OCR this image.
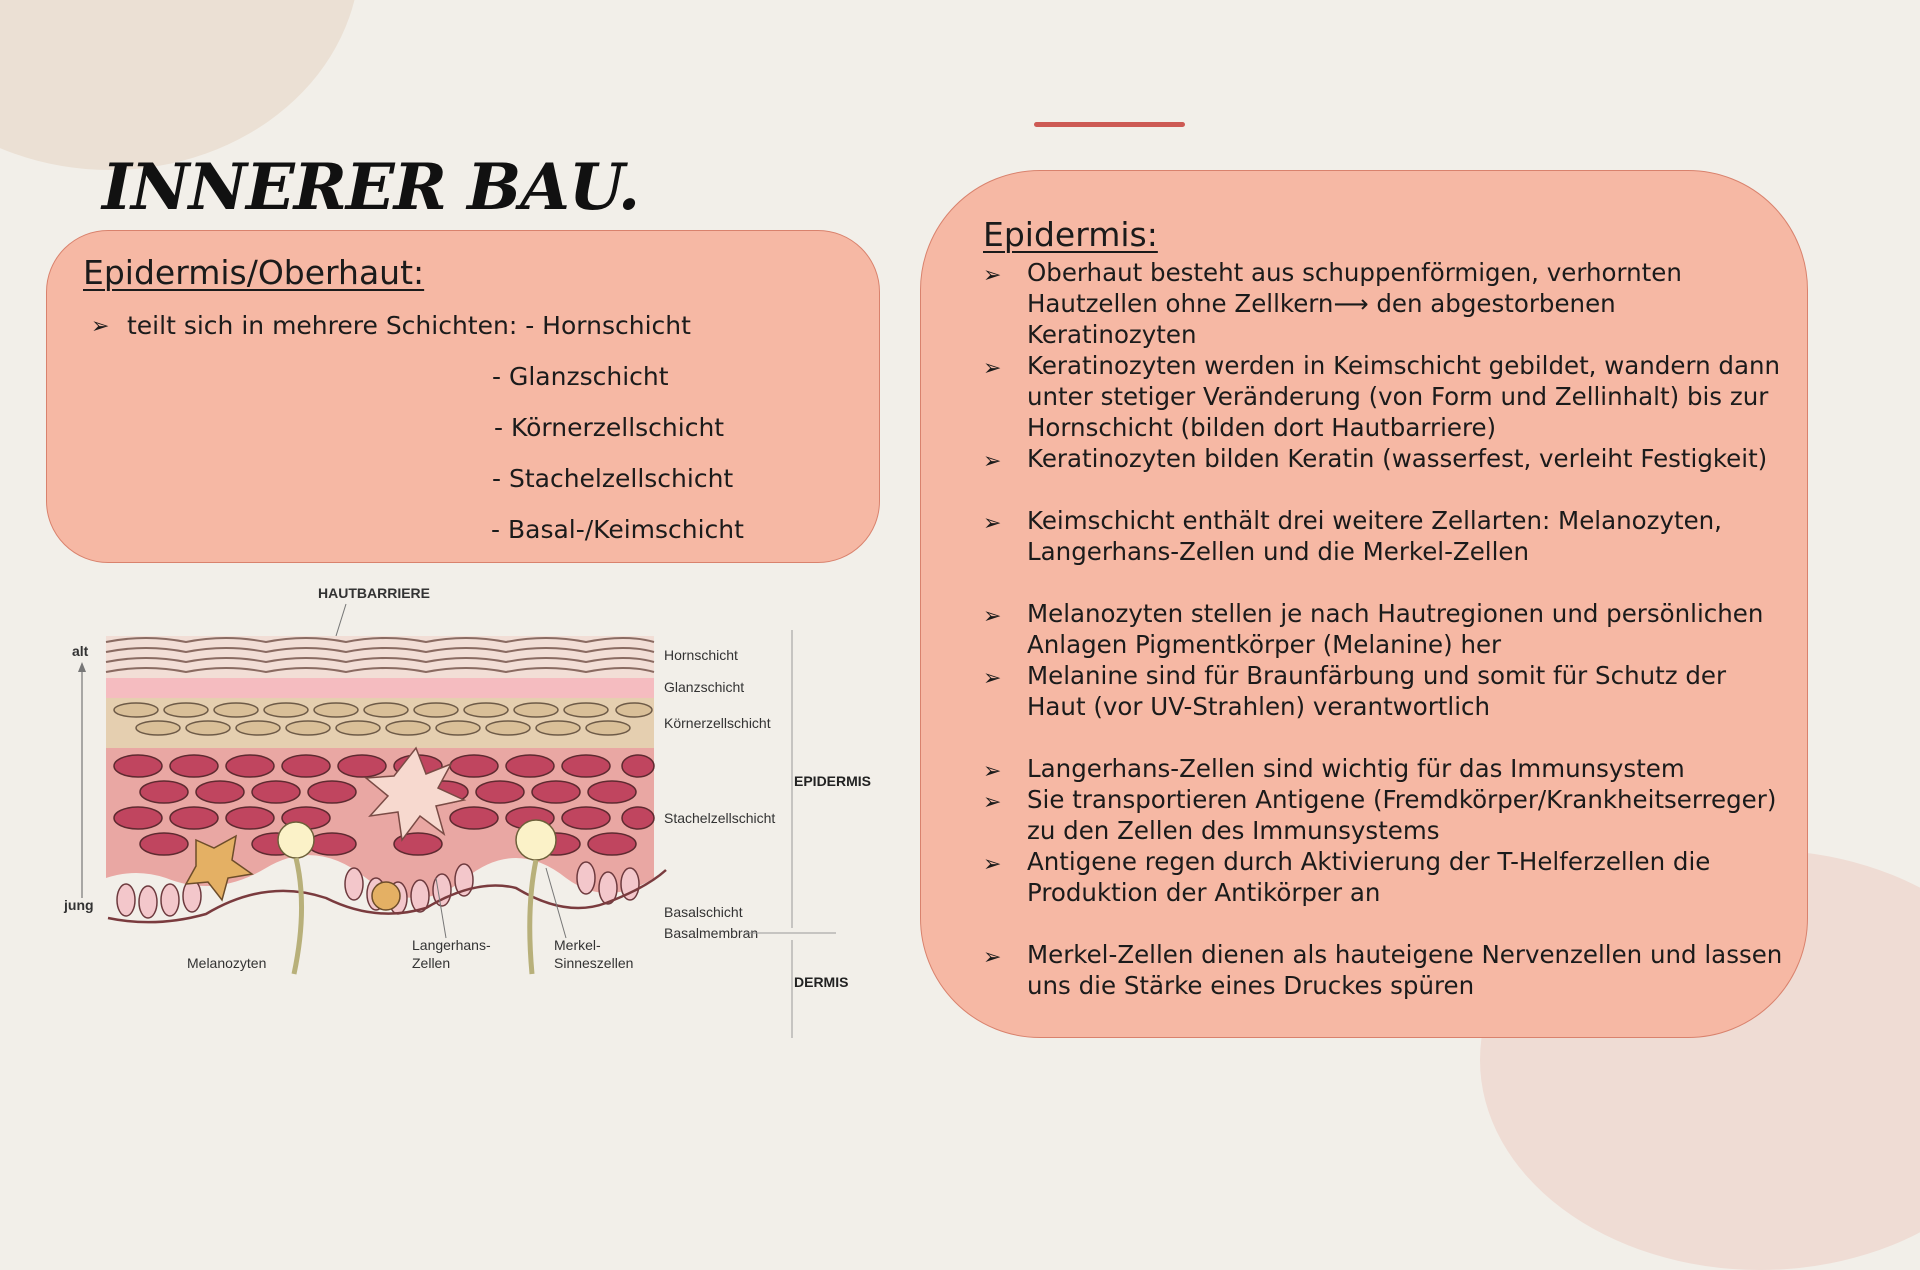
INNERER BAU.
Epidermis/Oberhaut:
➢ teilt sich in mehrere Schichten: - Hornschicht
- Glanzschicht
- Körnerzellschicht
- Stachelzellschicht
- Basal-/Keimschicht
Epidermis:
➢ Oberhaut besteht aus schuppenförmigen, verhornten Hautzellen ohne Zellkern⟶ den abgestorbenen Keratinozyten
➢ Keratinozyten werden in Keimschicht gebildet, wandern dann unter stetiger Veränderung (von Form und Zellinhalt) bis zur Hornschicht (bilden dort Hautbarriere)
➢ Keratinozyten bilden Keratin (wasserfest, verleiht Festigkeit)
➢ Keimschicht enthält drei weitere Zellarten: Melanozyten, Langerhans-Zellen und die Merkel-Zellen
➢ Melanozyten stellen je nach Hautregionen und persönlichen Anlagen Pigmentkörper (Melanine) her
➢ Melanine sind für Braunfärbung und somit für Schutz der Haut (vor UV-Strahlen) verantwortlich
➢ Langerhans-Zellen sind wichtig für das Immunsystem
➢ Sie transportieren Antigene (Fremdkörper/Krankheitserreger) zu den Zellen des Immunsystems
➢ Antigene regen durch Aktivierung der T-Helferzellen die Produktion der Antikörper an
➢ Merkel-Zellen dienen als hauteigene Nervenzellen und lassen uns die Stärke eines Druckes spüren
alt
jung
HAUTBARRIERE
Hornschicht
Glanzschicht
Körnerzellschicht
Stachelzellschicht
Basalschicht
Basalmembran
EPIDERMIS
DERMIS
Melanozyten
Langerhans-
Zellen
Merkel-
Sinneszellen
